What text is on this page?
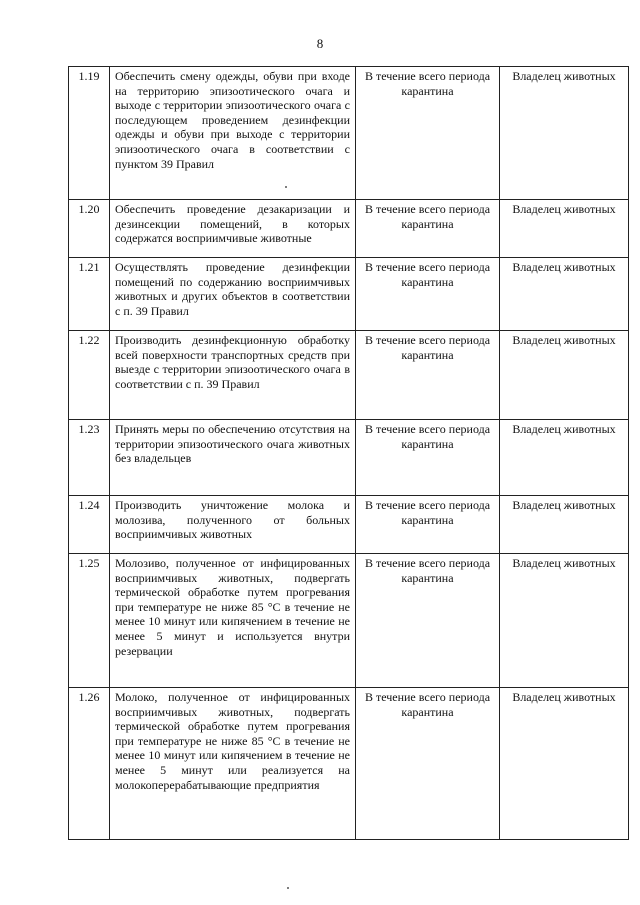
8
1.19	Обеспечить смену одежды, обуви при входе на территорию эпизоотического очага и выходе с территории эпизоотического очага с последующем проведением дезинфекции одежды и обуви при выходе с территории эпизоотического очага в соответствии с пунктом 39 Правил	В течение всего периода карантина	Владелец животных
1.20	Обеспечить проведение дезакаризации и дезинсекции помещений, в которых содержатся восприимчивые животные	В течение всего периода карантина	Владелец животных
1.21	Осуществлять проведение дезинфекции помещений по содержанию восприимчивых животных и других объектов в соответствии с п. 39 Правил	В течение всего периода карантина	Владелец животных
1.22	Производить дезинфекционную обработку всей поверхности транспортных средств при выезде с территории эпизоотического очага в соответствии с п. 39 Правил	В течение всего периода карантина	Владелец животных
1.23	Принять меры по обеспечению отсутствия на территории эпизоотического очага животных без владельцев	В течение всего периода карантина	Владелец животных
1.24	Производить уничтожение молока и молозива, полученного от больных восприимчивых животных	В течение всего периода карантина	Владелец животных
1.25	Молозиво, полученное от инфицированных восприимчивых животных, подвергать термической обработке путем прогревания при температуре не ниже 85 °С в течение не менее 10 минут или кипячением в течение не менее 5 минут и используется внутри резервации	В течение всего периода карантина	Владелец животных
1.26	Молоко, полученное от инфицированных восприимчивых животных, подвергать термической обработке путем прогревания при температуре не ниже 85 °С в течение не менее 10 минут или кипячением в течение не менее 5 минут или реализуется на молокоперерабатывающие предприятия	В течение всего периода карантина	Владелец животных
